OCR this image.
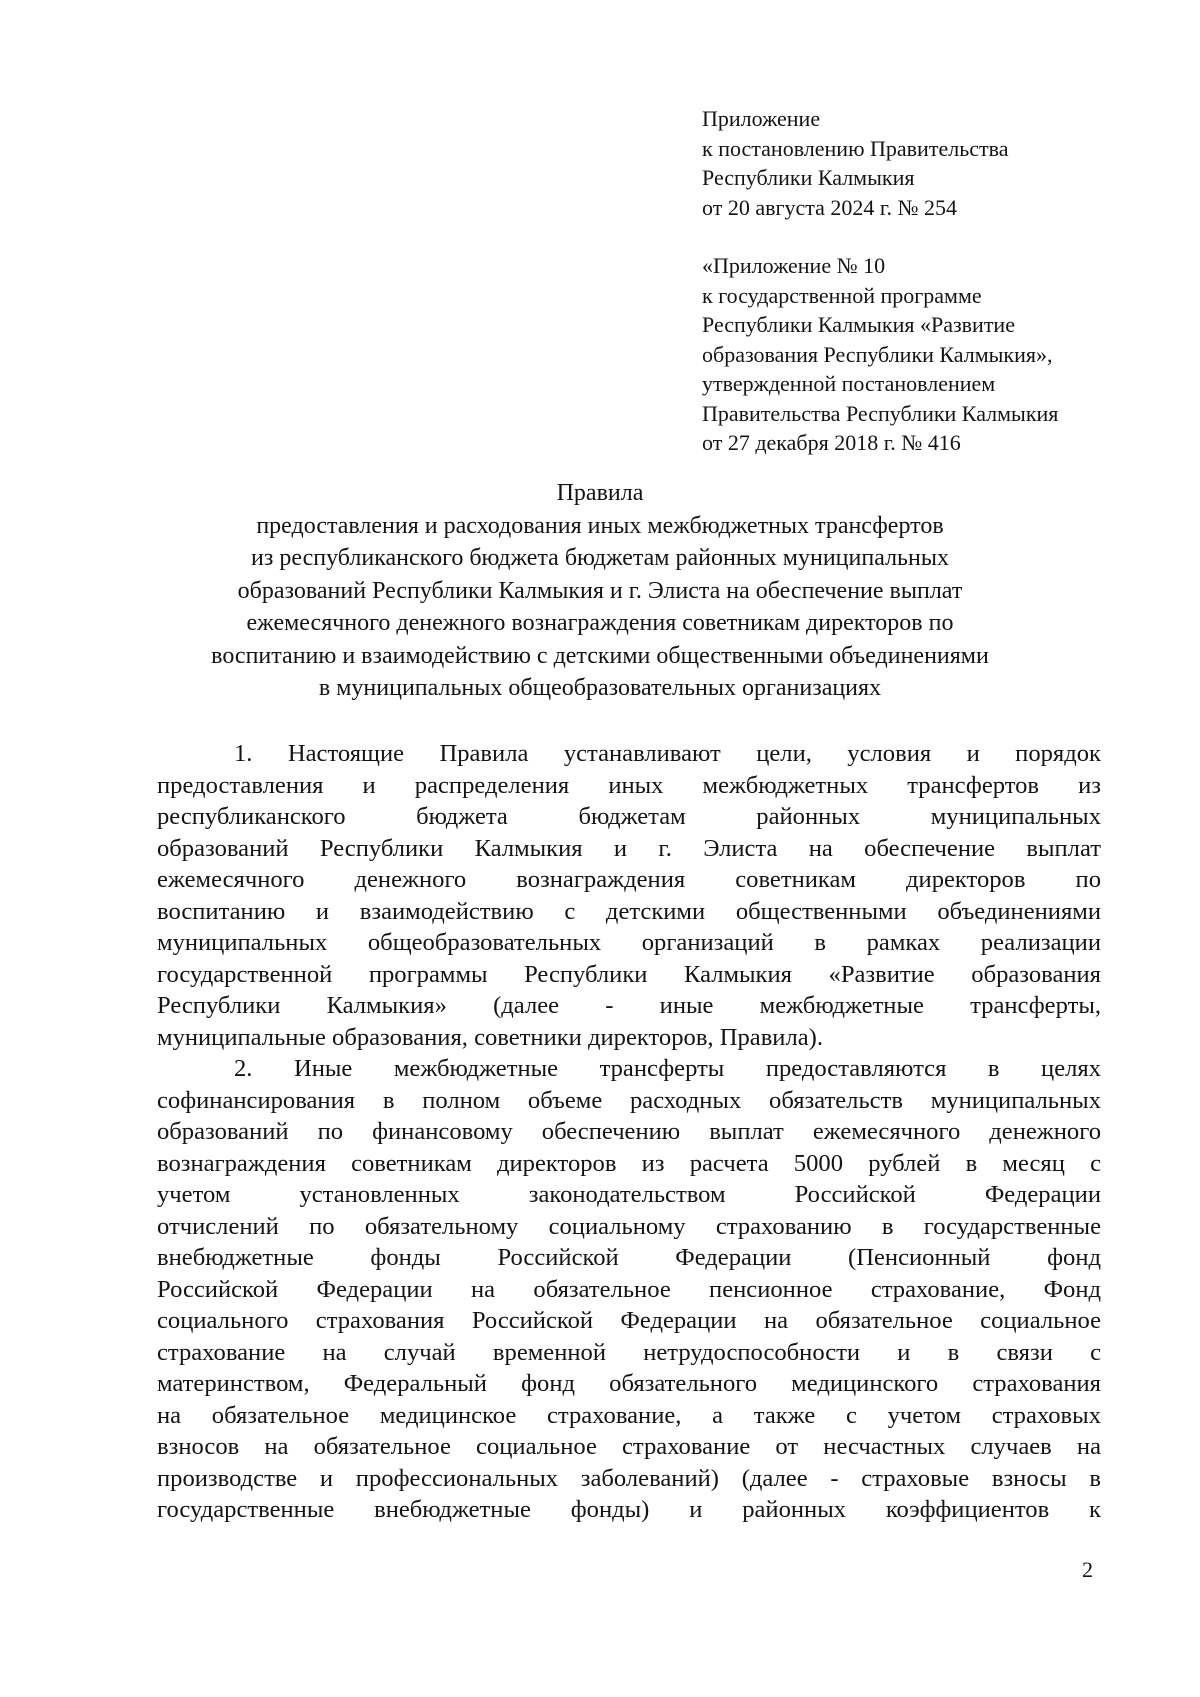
Приложение
к постановлению Правительства
Республики Калмыкия
от 20 августа 2024 г. № 254
«Приложение № 10
к государственной программе
Республики Калмыкия «Развитие
образования Республики Калмыкия»,
утвержденной постановлением
Правительства Республики Калмыкия
от 27 декабря 2018 г. № 416
Правила
предоставления и расходования иных межбюджетных трансфертов
из республиканского бюджета бюджетам районных муниципальных
образований Республики Калмыкия и г. Элиста на обеспечение выплат
ежемесячного денежного вознаграждения советникам директоров по
воспитанию и взаимодействию с детскими общественными объединениями
в муниципальных общеобразовательных организациях
1. Настоящие Правила устанавливают цели, условия и порядок
предоставления и распределения иных межбюджетных трансфертов из
республиканского бюджета бюджетам районных муниципальных
образований Республики Калмыкия и г. Элиста на обеспечение выплат
ежемесячного денежного вознаграждения советникам директоров по
воспитанию и взаимодействию с детскими общественными объединениями
муниципальных общеобразовательных организаций в рамках реализации
государственной программы Республики Калмыкия «Развитие образования
Республики Калмыкия» (далее - иные межбюджетные трансферты,
муниципальные образования, советники директоров, Правила).
2. Иные межбюджетные трансферты предоставляются в целях
софинансирования в полном объеме расходных обязательств муниципальных
образований по финансовому обеспечению выплат ежемесячного денежного
вознаграждения советникам директоров из расчета 5000 рублей в месяц с
учетом установленных законодательством Российской Федерации
отчислений по обязательному социальному страхованию в государственные
внебюджетные фонды Российской Федерации (Пенсионный фонд
Российской Федерации на обязательное пенсионное страхование, Фонд
социального страхования Российской Федерации на обязательное социальное
страхование на случай временной нетрудоспособности и в связи с
материнством, Федеральный фонд обязательного медицинского страхования
на обязательное медицинское страхование, а также с учетом страховых
взносов на обязательное социальное страхование от несчастных случаев на
производстве и профессиональных заболеваний) (далее - страховые взносы в
государственные внебюджетные фонды) и районных коэффициентов к
2
